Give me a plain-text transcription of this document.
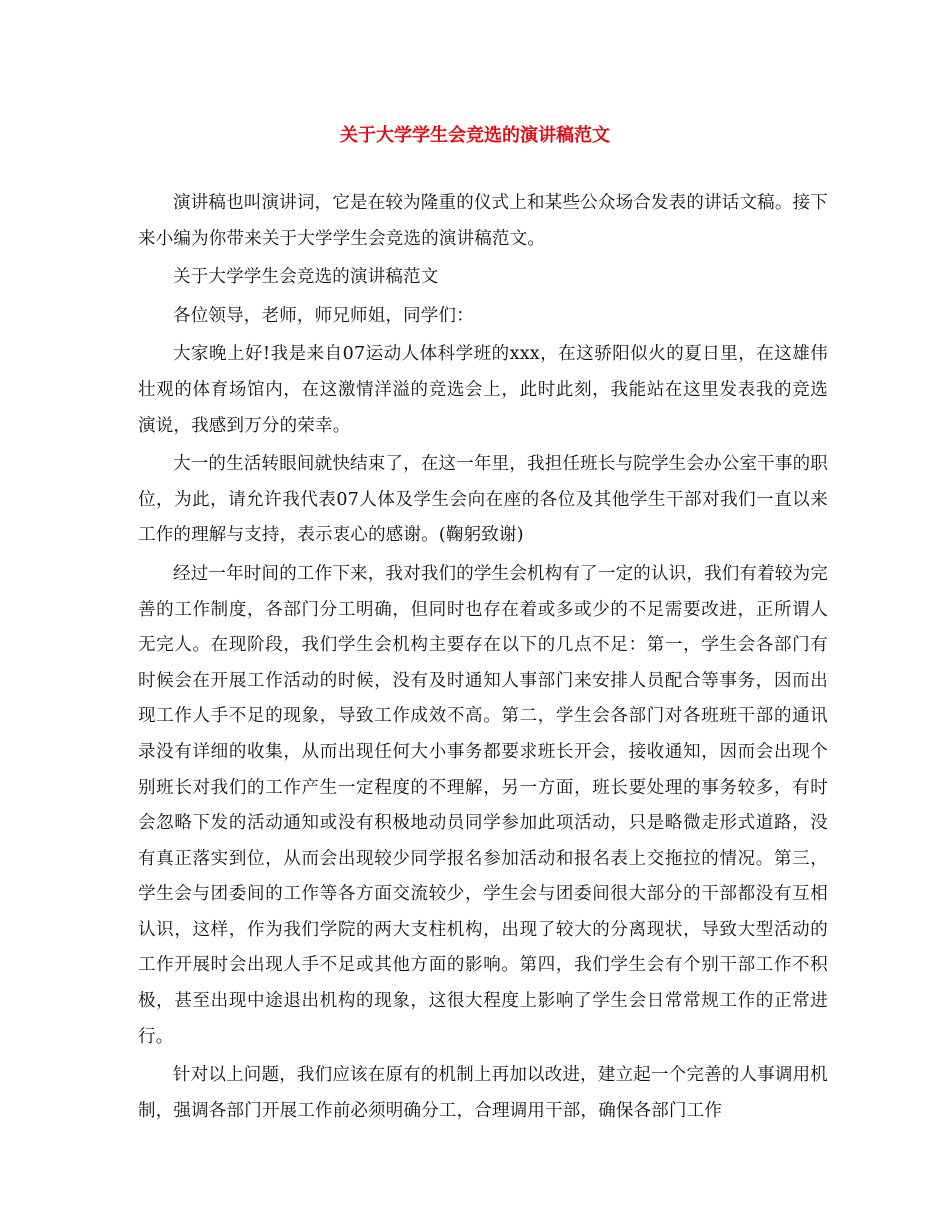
关于大学学生会竞选的演讲稿范文

演讲稿也叫演讲词，它是在较为隆重的仪式上和某些公众场合发表的讲话文稿。接下来小编为你带来关于大学学生会竞选的演讲稿范文。

关于大学学生会竞选的演讲稿范文

各位领导，老师，师兄师姐，同学们：

大家晚上好!我是来自07运动人体科学班的xxx，在这骄阳似火的夏日里，在这雄伟壮观的体育场馆内，在这激情洋溢的竞选会上，此时此刻，我能站在这里发表我的竞选演说，我感到万分的荣幸。

大一的生活转眼间就快结束了，在这一年里，我担任班长与院学生会办公室干事的职位，为此，请允许我代表07人体及学生会向在座的各位及其他学生干部对我们一直以来工作的理解与支持，表示衷心的感谢。(鞠躬致谢)

经过一年时间的工作下来，我对我们的学生会机构有了一定的认识，我们有着较为完善的工作制度，各部门分工明确，但同时也存在着或多或少的不足需要改进，正所谓人无完人。在现阶段，我们学生会机构主要存在以下的几点不足：第一，学生会各部门有时候会在开展工作活动的时候，没有及时通知人事部门来安排人员配合等事务，因而出现工作人手不足的现象，导致工作成效不高。第二，学生会各部门对各班班干部的通讯录没有详细的收集，从而出现任何大小事务都要求班长开会，接收通知，因而会出现个别班长对我们的工作产生一定程度的不理解，另一方面，班长要处理的事务较多，有时会忽略下发的活动通知或没有积极地动员同学参加此项活动，只是略微走形式道路，没有真正落实到位，从而会出现较少同学报名参加活动和报名表上交拖拉的情况。第三，学生会与团委间的工作等各方面交流较少，学生会与团委间很大部分的干部都没有互相认识，这样，作为我们学院的两大支柱机构，出现了较大的分离现状，导致大型活动的工作开展时会出现人手不足或其他方面的影响。第四，我们学生会有个别干部工作不积极，甚至出现中途退出机构的现象，这很大程度上影响了学生会日常常规工作的正常进行。

针对以上问题，我们应该在原有的机制上再加以改进，建立起一个完善的人事调用机制，强调各部门开展工作前必须明确分工，合理调用干部，确保各部门工作
